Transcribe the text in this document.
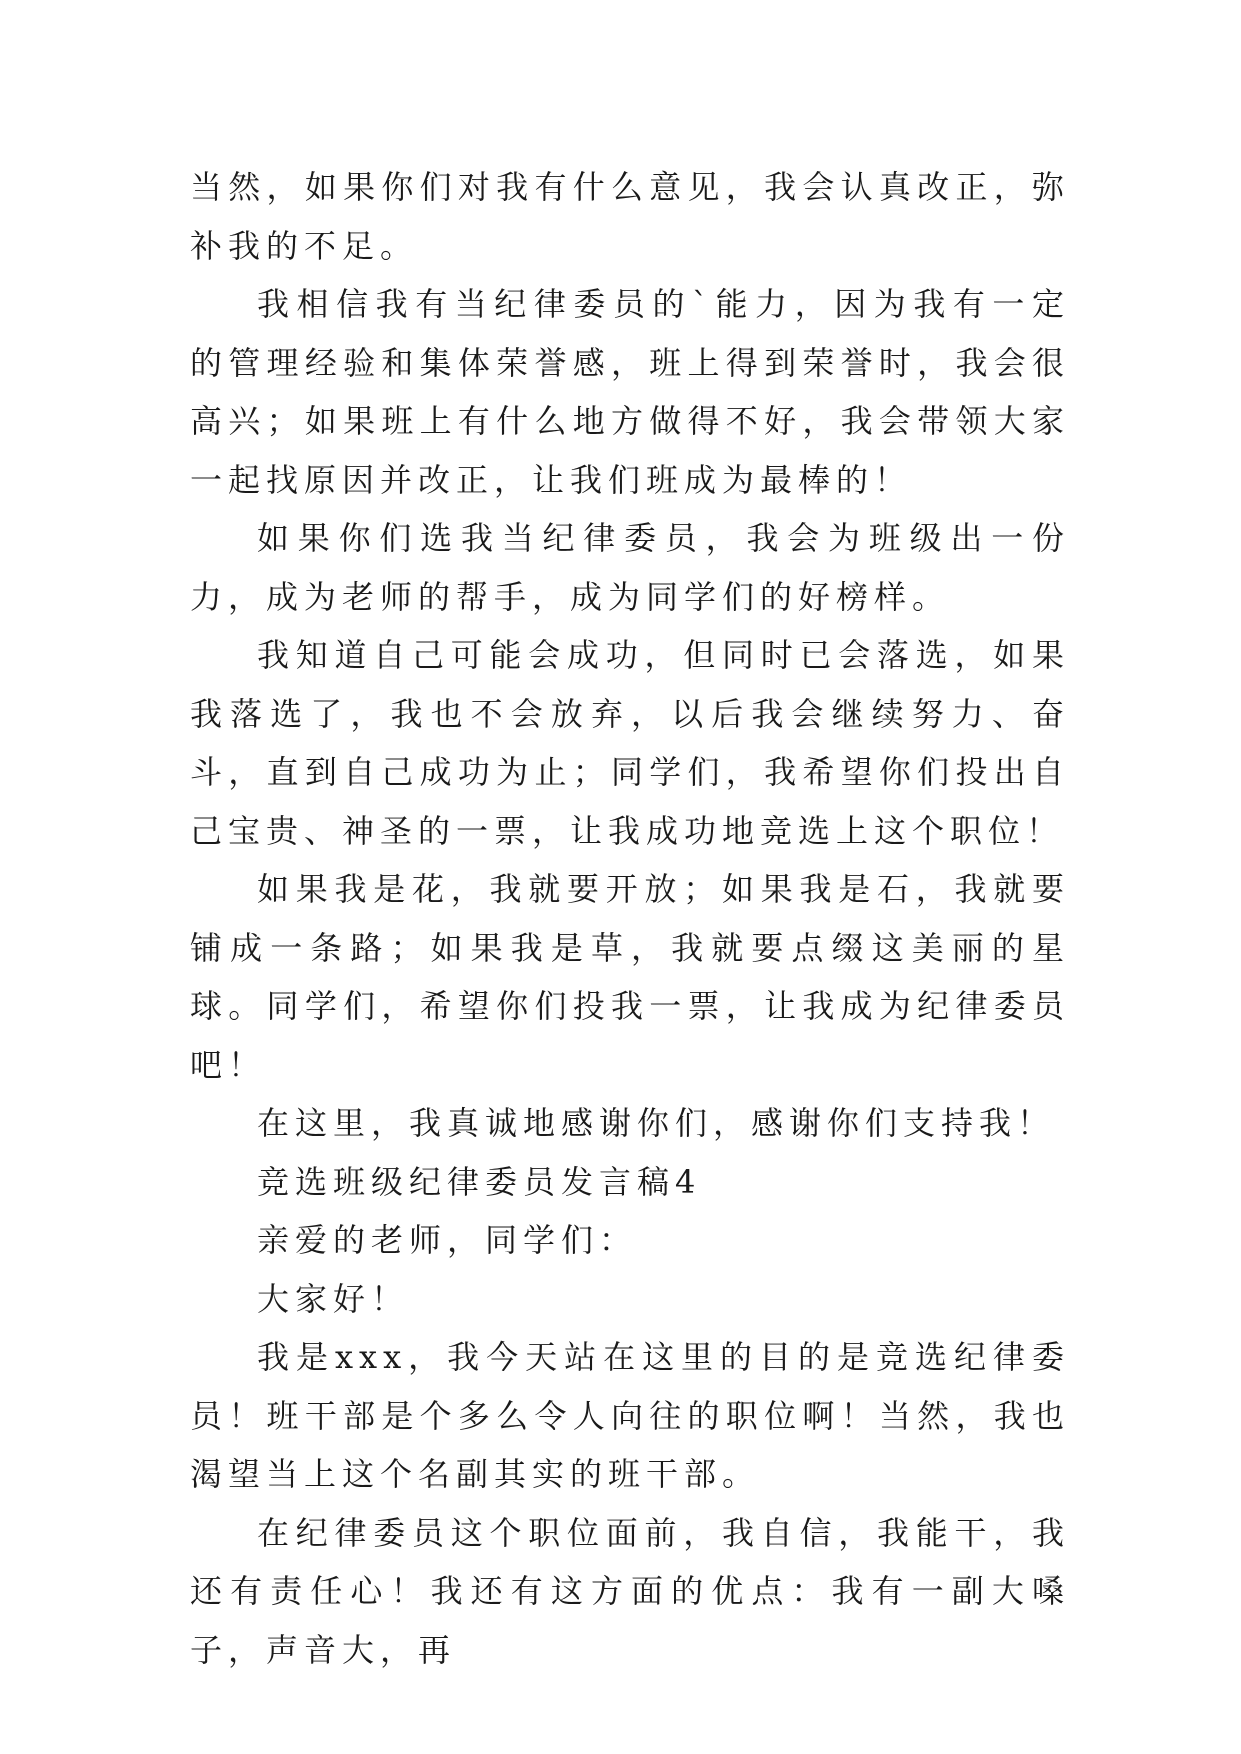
当然，如果你们对我有什么意见，我会认真改正，弥补我的不足。

我相信我有当纪律委员的`能力，因为我有一定的管理经验和集体荣誉感，班上得到荣誉时，我会很高兴；如果班上有什么地方做得不好，我会带领大家一起找原因并改正，让我们班成为最棒的！

如果你们选我当纪律委员，我会为班级出一份力，成为老师的帮手，成为同学们的好榜样。

我知道自己可能会成功，但同时已会落选，如果我落选了，我也不会放弃，以后我会继续努力、奋斗，直到自己成功为止；同学们，我希望你们投出自己宝贵、神圣的一票，让我成功地竞选上这个职位！

如果我是花，我就要开放；如果我是石，我就要铺成一条路；如果我是草，我就要点缀这美丽的星球。同学们，希望你们投我一票，让我成为纪律委员吧！

在这里，我真诚地感谢你们，感谢你们支持我！

竞选班级纪律委员发言稿4

亲爱的老师，同学们：

大家好！

我是xxx，我今天站在这里的目的是竞选纪律委员！班干部是个多么令人向往的职位啊！当然，我也渴望当上这个名副其实的班干部。

在纪律委员这个职位面前，我自信，我能干，我还有责任心！我还有这方面的优点：我有一副大嗓子，声音大，再
